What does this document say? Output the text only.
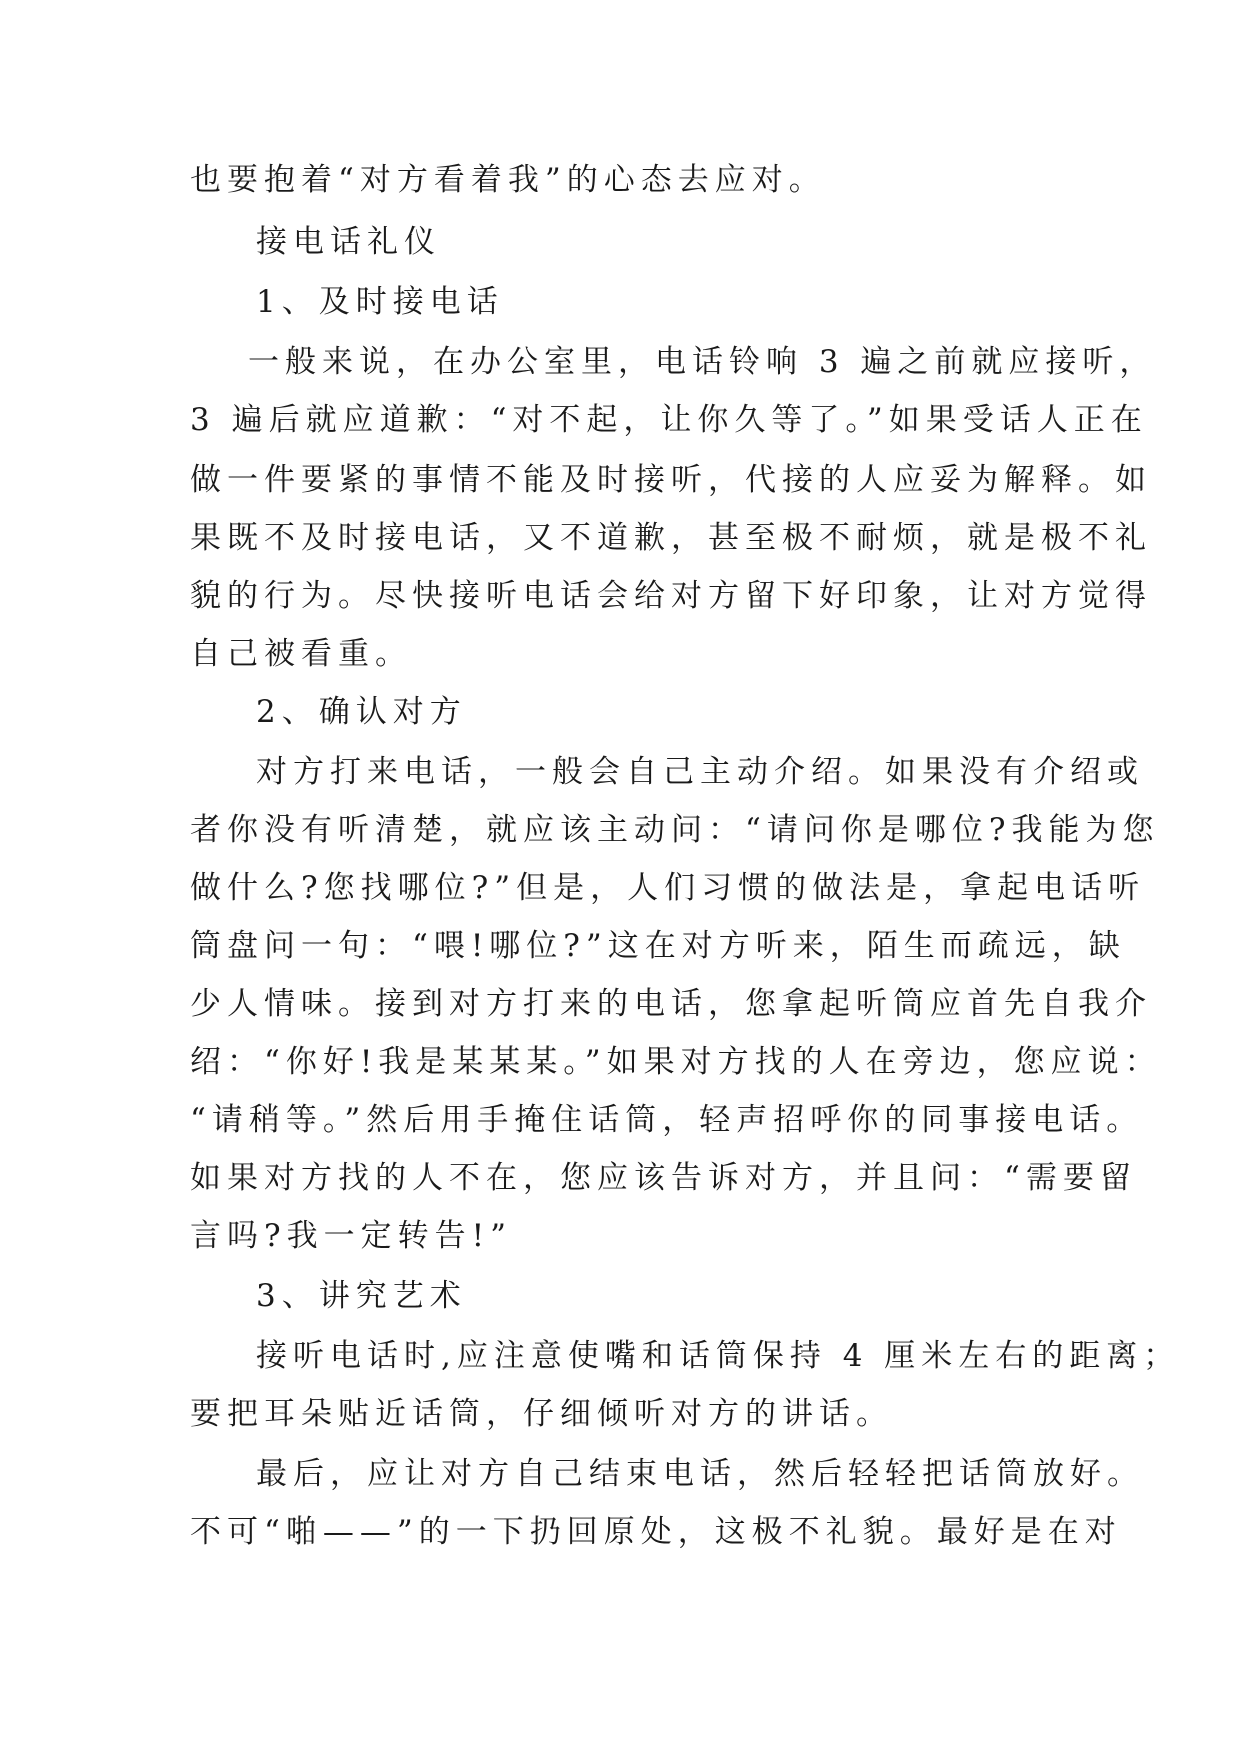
也要抱着“对方看着我”的心态去应对。
接电话礼仪
1、及时接电话
一般来说，在办公室里，电话铃响 3 遍之前就应接听，
3 遍后就应道歉：“对不起，让你久等了。”如果受话人正在
做一件要紧的事情不能及时接听，代接的人应妥为解释。如
果既不及时接电话，又不道歉，甚至极不耐烦，就是极不礼
貌的行为。尽快接听电话会给对方留下好印象，让对方觉得
自己被看重。
2、确认对方
对方打来电话，一般会自己主动介绍。如果没有介绍或
者你没有听清楚，就应该主动问：“请问你是哪位?我能为您
做什么?您找哪位?”但是，人们习惯的做法是，拿起电话听
筒盘问一句：“喂!哪位?”这在对方听来，陌生而疏远，缺
少人情味。接到对方打来的电话，您拿起听筒应首先自我介
绍：“你好!我是某某某。”如果对方找的人在旁边，您应说：
“请稍等。”然后用手掩住话筒，轻声招呼你的同事接电话。
如果对方找的人不在，您应该告诉对方，并且问：“需要留
言吗?我一定转告!”
3、讲究艺术
接听电话时,应注意使嘴和话筒保持 4 厘米左右的距离；
要把耳朵贴近话筒，仔细倾听对方的讲话。
最后，应让对方自己结束电话，然后轻轻把话筒放好。
不可“啪——”的一下扔回原处，这极不礼貌。最好是在对
